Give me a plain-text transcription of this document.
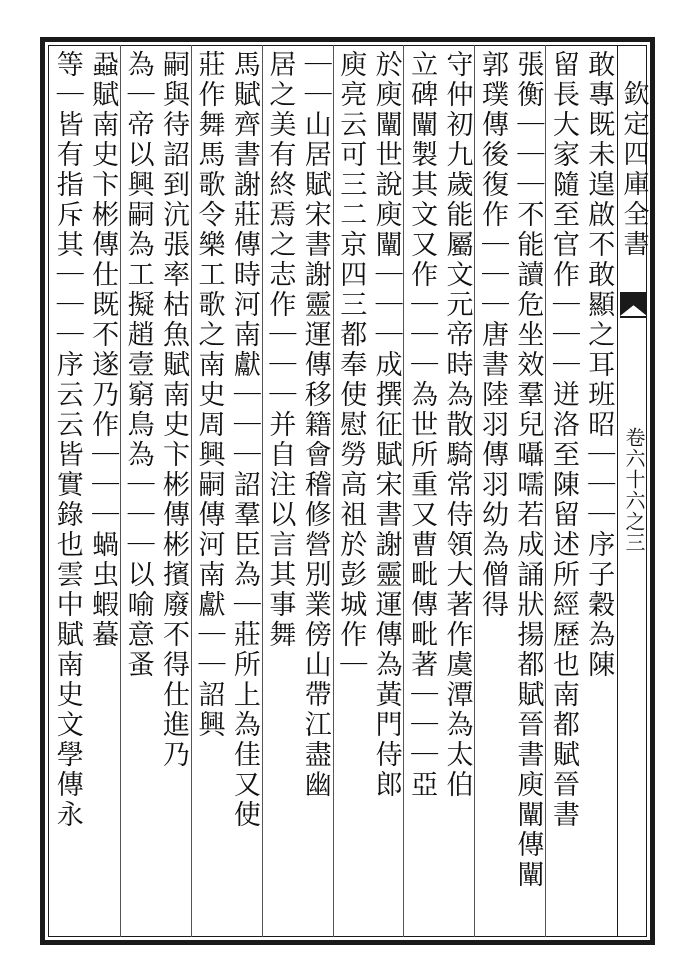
欽定四庫全書
卷六十六之三
敢專既未遑啟不敢顯之耳班昭｜｜｜序子穀為陳
留長大家隨至官作｜｜｜迸洛至陳留述所經歷也南都賦晉書
張衡｜｜｜不能讀危坐效羣兒囁嚅若成誦狀揚都賦晉書庾闡傳闡
郭璞傳後復作｜｜｜唐書陸羽傳羽幼為僧得
守仲初九歲能屬文元帝時為散騎常侍領大著作虞潭為太伯
立碑闡製其文又作｜｜｜為世所重又曹毗傳毗著｜｜｜亞
於庾闡世說庾闡｜｜｜成撰征賦宋書謝靈運傳為黃門侍郎
庾亮云可三二京四三都奉使慰勞高祖於彭城作｜
｜｜山居賦宋書謝靈運傳移籍會稽修營別業傍山帶江盡幽
居之美有終焉之志作｜｜｜并自注以言其事舞
馬賦齊書謝莊傳時河南獻｜｜｜詔羣臣為｜莊所上為佳又使
莊作舞馬歌令樂工歌之南史周興嗣傳河南獻｜｜詔興
嗣與待詔到沆張率枯魚賦南史卞彬傳彬擯廢不得仕進乃
為｜帝以興嗣為工擬趙壹窮鳥為｜｜｜以喻意蚤
蝨賦南史卞彬傳仕既不遂乃作｜｜｜蝸虫蝦蟇
等｜皆有指斥其｜｜｜序云云皆實錄也雲中賦南史文學傳永
